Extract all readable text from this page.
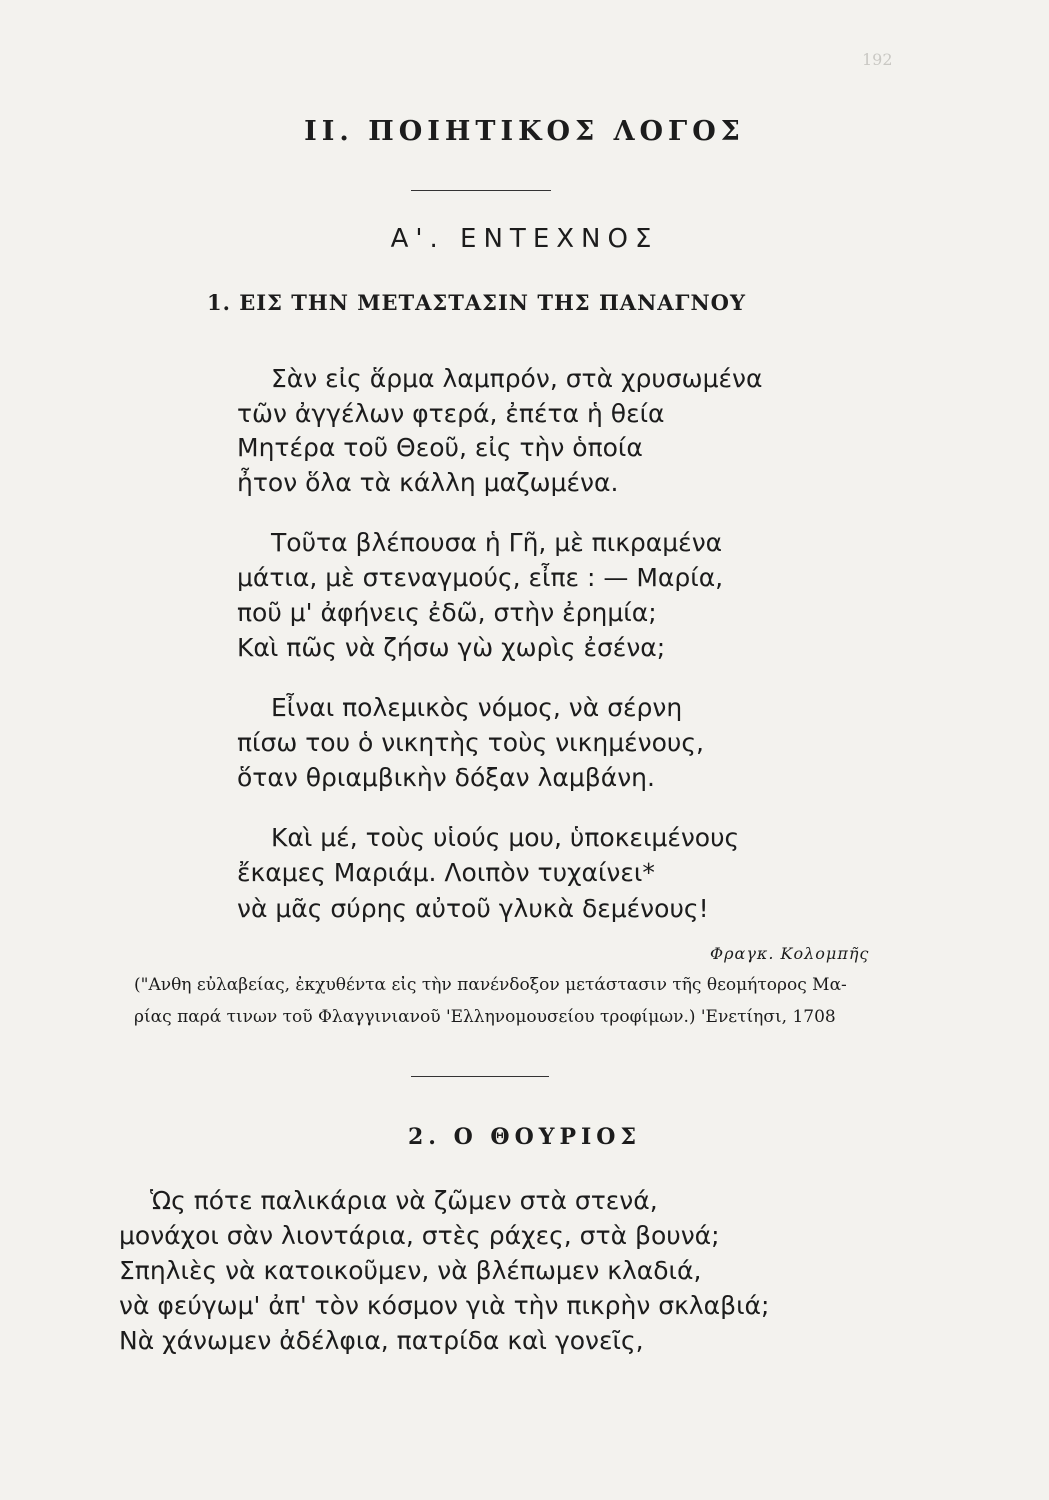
192
II. ΠΟΙΗΤΙΚΟΣ ΛΟΓΟΣ
Α'. ΕΝΤΕΧΝΟΣ
1. ΕΙΣ ΤΗΝ ΜΕΤΑΣΤΑΣΙΝ ΤΗΣ ΠΑΝΑΓΝΟΥ
Σὰν εἰς ἅρμα λαμπρόν, στὰ χρυσωμένα
τῶν ἀγγέλων φτερά, ἐπέτα ἡ θεία
Μητέρα τοῦ Θεοῦ, εἰς τὴν ὁποία
ἦτον ὅλα τὰ κάλλη μαζωμένα.
Τοῦτα βλέπουσα ἡ Γῆ, μὲ πικραμένα
μάτια, μὲ στεναγμούς, εἶπε : — Μαρία,
ποῦ μ' ἀφήνεις ἐδῶ, στὴν ἐρημία;
Καὶ πῶς νὰ ζήσω γὼ χωρὶς ἐσένα;
Εἶναι πολεμικὸς νόμος, νὰ σέρνη
πίσω του ὁ νικητὴς τοὺς νικημένους,
ὅταν θριαμβικὴν δόξαν λαμβάνη.
Καὶ μέ, τοὺς υἱούς μου, ὑποκειμένους
ἔκαμες Μαριάμ. Λοιπὸν τυχαίνει*
νὰ μᾶς σύρης αὐτοῦ γλυκὰ δεμένους!
Φραγκ. Κολομπῆς
("Ανθη εὐλαβείας, ἐκχυθέντα εἰς τὴν πανένδοξον μετάστασιν τῆς θεομήτορος Μα-
ρίας παρά τινων τοῦ Φλαγγινιανοῦ 'Ελληνομουσείου τροφίμων.) 'Ενετίησι, 1708
2. Ο ΘΟΥΡΙΟΣ
Ὡς πότε παλικάρια νὰ ζῶμεν στὰ στενά,
μονάχοι σὰν λιοντάρια, στὲς ράχες, στὰ βουνά;
Σπηλιὲς νὰ κατοικοῦμεν, νὰ βλέπωμεν κλαδιά,
νὰ φεύγωμ' ἀπ' τὸν κόσμον γιὰ τὴν πικρὴν σκλαβιά;
Νὰ χάνωμεν ἀδέλφια, πατρίδα καὶ γονεῖς,
